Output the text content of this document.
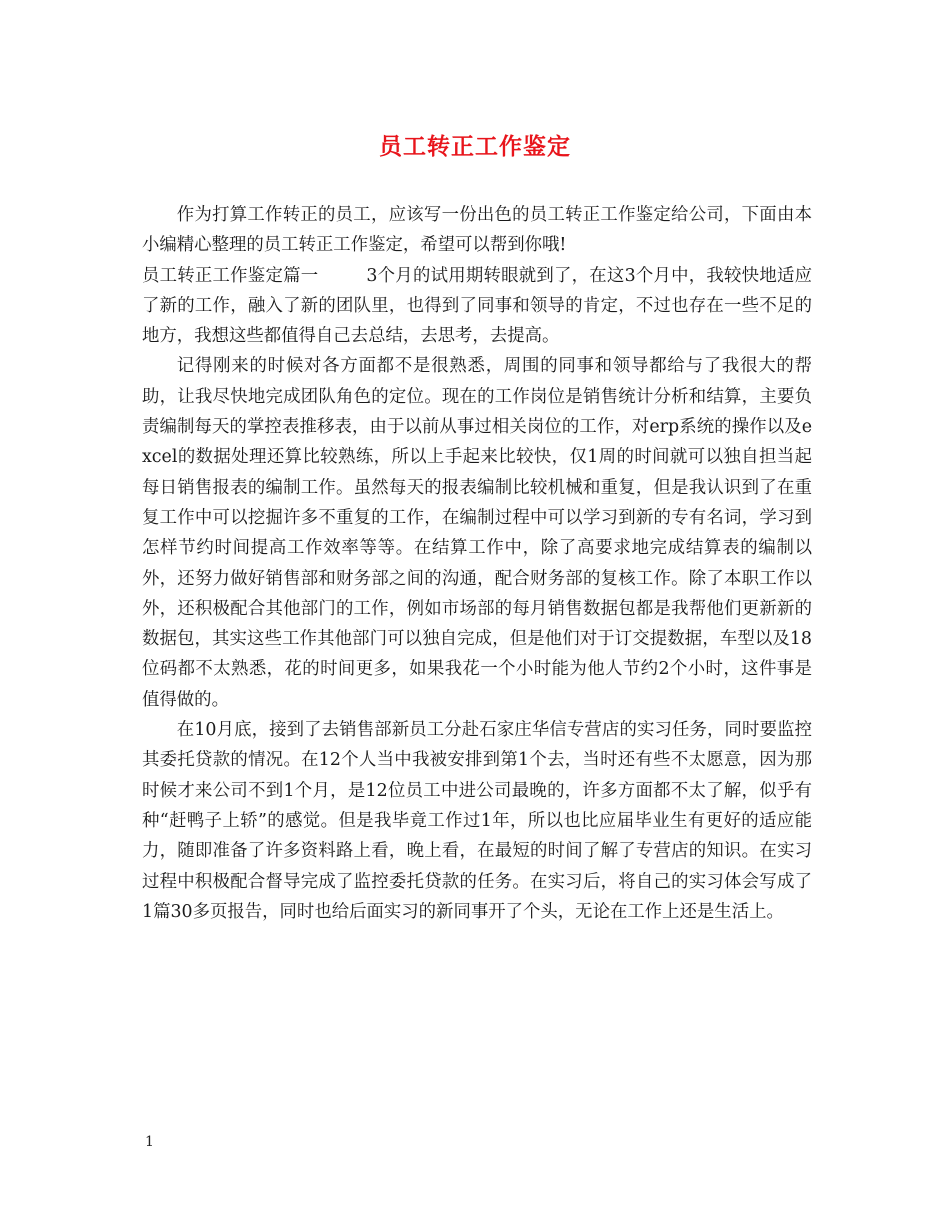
员工转正工作鉴定

作为打算工作转正的员工，应该写一份出色的员工转正工作鉴定给公司，下面由本小编精心整理的员工转正工作鉴定，希望可以帮到你哦!

员工转正工作鉴定篇一	3个月的试用期转眼就到了，在这3个月中，我较快地适应了新的工作，融入了新的团队里，也得到了同事和领导的肯定，不过也存在一些不足的地方，我想这些都值得自己去总结，去思考，去提高。

记得刚来的时候对各方面都不是很熟悉，周围的同事和领导都给与了我很大的帮助，让我尽快地完成团队角色的定位。现在的工作岗位是销售统计分析和结算，主要负责编制每天的掌控表推移表，由于以前从事过相关岗位的工作，对erp系统的操作以及excel的数据处理还算比较熟练，所以上手起来比较快，仅1周的时间就可以独自担当起每日销售报表的编制工作。虽然每天的报表编制比较机械和重复，但是我认识到了在重复工作中可以挖掘许多不重复的工作，在编制过程中可以学习到新的专有名词，学习到怎样节约时间提高工作效率等等。在结算工作中，除了高要求地完成结算表的编制以外，还努力做好销售部和财务部之间的沟通，配合财务部的复核工作。除了本职工作以外，还积极配合其他部门的工作，例如市场部的每月销售数据包都是我帮他们更新新的数据包，其实这些工作其他部门可以独自完成，但是他们对于订交提数据，车型以及18位码都不太熟悉，花的时间更多，如果我花一个小时能为他人节约2个小时，这件事是值得做的。

在10月底，接到了去销售部新员工分赴石家庄华信专营店的实习任务，同时要监控其委托贷款的情况。在12个人当中我被安排到第1个去，当时还有些不太愿意，因为那时候才来公司不到1个月，是12位员工中进公司最晚的，许多方面都不太了解，似乎有种“赶鸭子上轿”的感觉。但是我毕竟工作过1年，所以也比应届毕业生有更好的适应能力，随即准备了许多资料路上看，晚上看，在最短的时间了解了专营店的知识。在实习过程中积极配合督导完成了监控委托贷款的任务。在实习后，将自己的实习体会写成了1篇30多页报告，同时也给后面实习的新同事开了个头，无论在工作上还是生活上。

1
